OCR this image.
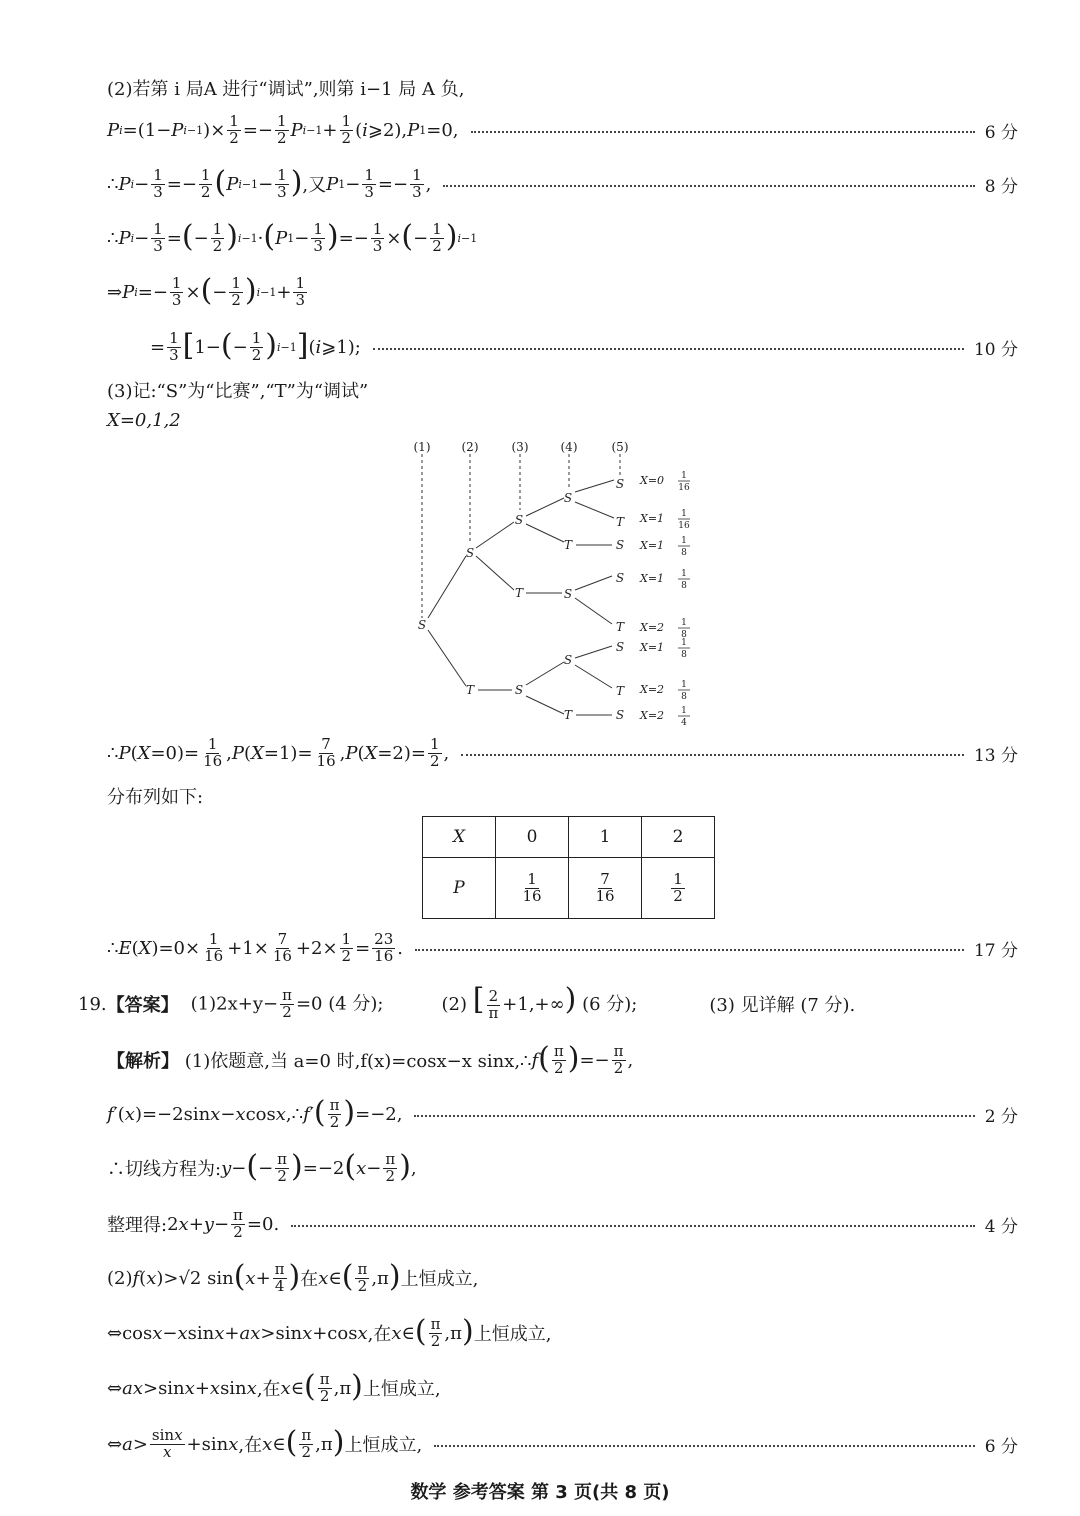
(2)若第 i 局A 进行“调试”,则第 i−1 局 A 负,
P i =(1− P i−1 )× $\frac{1}{2} =- \frac{1}{2}$ P $i-1 + \frac{1}{2}$ ( i ⩾2), P 1 =0,	6 分
∴ P $i - \frac{1}{3} =- \frac{1}{2}$ ( P $i-1 - \frac{1}{3}$ ) ,又 P $1 - \frac{1}{3} =- \frac{1}{3}$ ,	8 分
∴ P $i - \frac{1}{3}$ = ( − $\frac{1}{2}$ ) i−1 · ( P $1 - \frac{1}{3}$ ) =− $\frac{1}{3}$ × ( − $\frac{1}{2}$ ) i−1
⇒ P $i =- \frac{1}{3}$ × ( − $\frac{1}{2}$ ) $i-1 + \frac{1}{3}$
= $\frac{1}{3}$ [ 1− ( − $\frac{1}{2}$ ) i−1 ] ( i ⩾1);	10 分
(3)记:“S”为“比赛”,“T”为“调试”
X=0,1,2
(1)	(2)	(3)	(4)	(5)
S
S
T
S
T
S
S
T
S
S
T
S
T
S
S
T
S
T
S
X=0 1
16
X=1 1
16
X=1 1
8
X=1 1
8
X=2 1
8
X=1 1
8
X=2 1
8
X=2 1
4
∴ P ( $X =0)= \frac{1}{16}$ , P ( $X =1)= \frac{7}{16}$ , P ( $X =2)= \frac{1}{2}$ ,	13 分
分布列如下:
X	0	1	2
P	$\frac{1}{16}$	$\frac{7}{16}$	$\frac{1}{2}$
∴ E ( X )$=0\times \frac{1}{16} +1\times \frac{7}{16} +2\times \frac{1}{2} = \frac{23}{16}$ .	17 分
19. 【答案】 $(1)2x+y- \frac{\pi}{2} =0$ (4 分);	(2) [ $\frac{2}{\pi} +1,+\infty$) (6 分);	(3) 见详解 (7 分).
【解析】
(1)依题意,当 a=0 时,f(x)=cosx−x sinx,∴ f ( $\frac{\pi}{2}$ ) =− $\frac{\pi}{2}$ ,
f ′( x )=−2sin x − x cos x ,∴ f ′ ( $\frac{\pi}{2}$ ) =−2,	2 分
∴切线方程为: y − ( − $\frac{\pi}{2}$ ) =−2 ( $x - \frac{\pi}{2}$ ) ,
整理得: 2 $x + y - \frac{\pi}{2} =0$.	4 分
(2) f ( x )>√2 sin ( $x + \frac{\pi}{4}$ ) 在 x ∈ ( $\frac{\pi}{2} ,\pi$ ) 上恒成立,
⇔cos x − x sin x + ax >sin x +cos x ,在 x ∈ ( $\frac{\pi}{2} ,\pi$ ) 上恒成立,
⇔ ax >sin x + x sin x ,在 x ∈ ( $\frac{\pi}{2} ,\pi$ ) 上恒成立,
⇔ $a > \frac{\sin x}{x} +\sin$ x ,在 x ∈ ( $\frac{\pi}{2} ,\pi$ ) 上恒成立,	6 分
数学 参考答案 第 3 页(共 8 页)
